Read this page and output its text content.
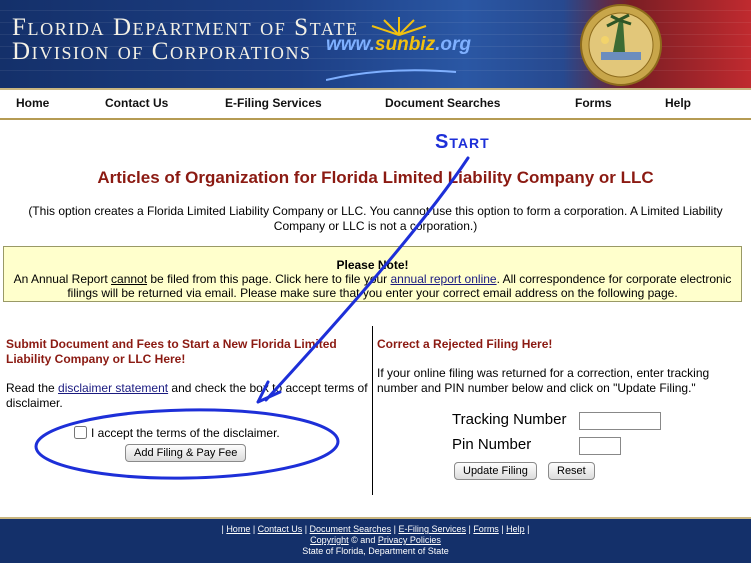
Florida Department of State
Division of Corporations www.sunbiz.org
Home	Contact Us	E-Filing Services	Document Searches	Forms	Help
Articles of Organization for Florida Limited Liability Company or LLC
(This option creates a Florida Limited Liability Company or LLC. You cannot use this option to form a corporation. A Limited Liability Company or LLC is not a corporation.)
Please Note!
An Annual Report cannot be filed from this page. Click here to file your annual report online. All correspondence for corporate electronic filings will be returned via email. Please make sure that you enter your correct email address on the following page.
Submit Document and Fees to Start a New Florida Limited Liability Company or LLC Here!

Read the disclaimer statement and check the box to accept terms of disclaimer.

I accept the terms of the disclaimer.
Add Filing & Pay Fee
Correct a Rejected Filing Here!

If your online filing was returned for a correction, enter tracking number and PIN number below and click on "Update Filing."

Tracking Number
Pin Number
Update Filing	Reset
| Home | Contact Us | Document Searches | E-Filing Services | Forms | Help |
Copyright © and Privacy Policies
State of Florida, Department of State
Start
